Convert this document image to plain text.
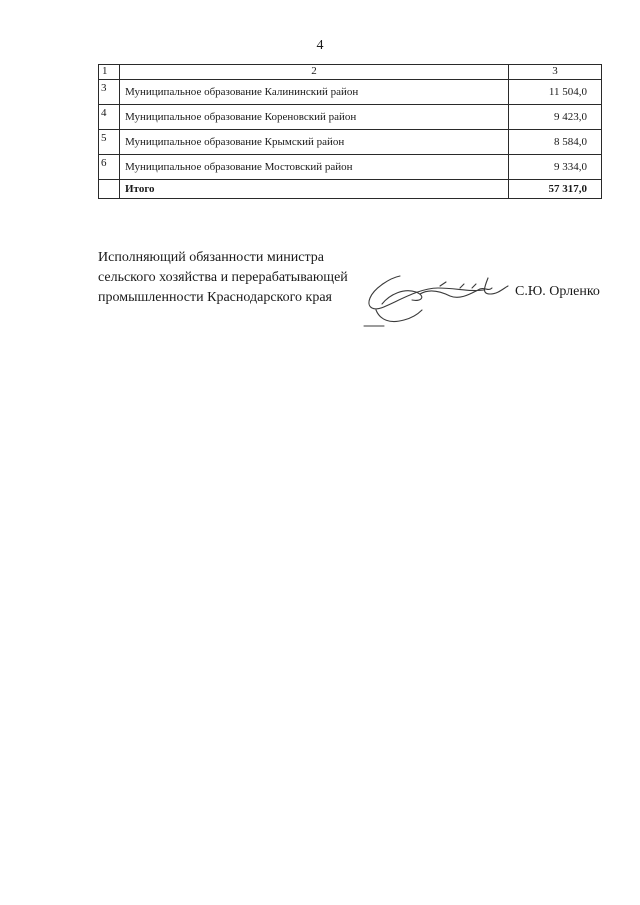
4
1	2	3
3	Муниципальное образование Калининский район	11 504,0
4	Муниципальное образование Кореновский район	9 423,0
5	Муниципальное образование Крымский район	8 584,0
6	Муниципальное образование Мостовский район	9 334,0
	Итого	57 317,0
Исполняющий обязанности министра
сельского хозяйства и перерабатывающей
промышленности Краснодарского края	С.Ю. Орленко
